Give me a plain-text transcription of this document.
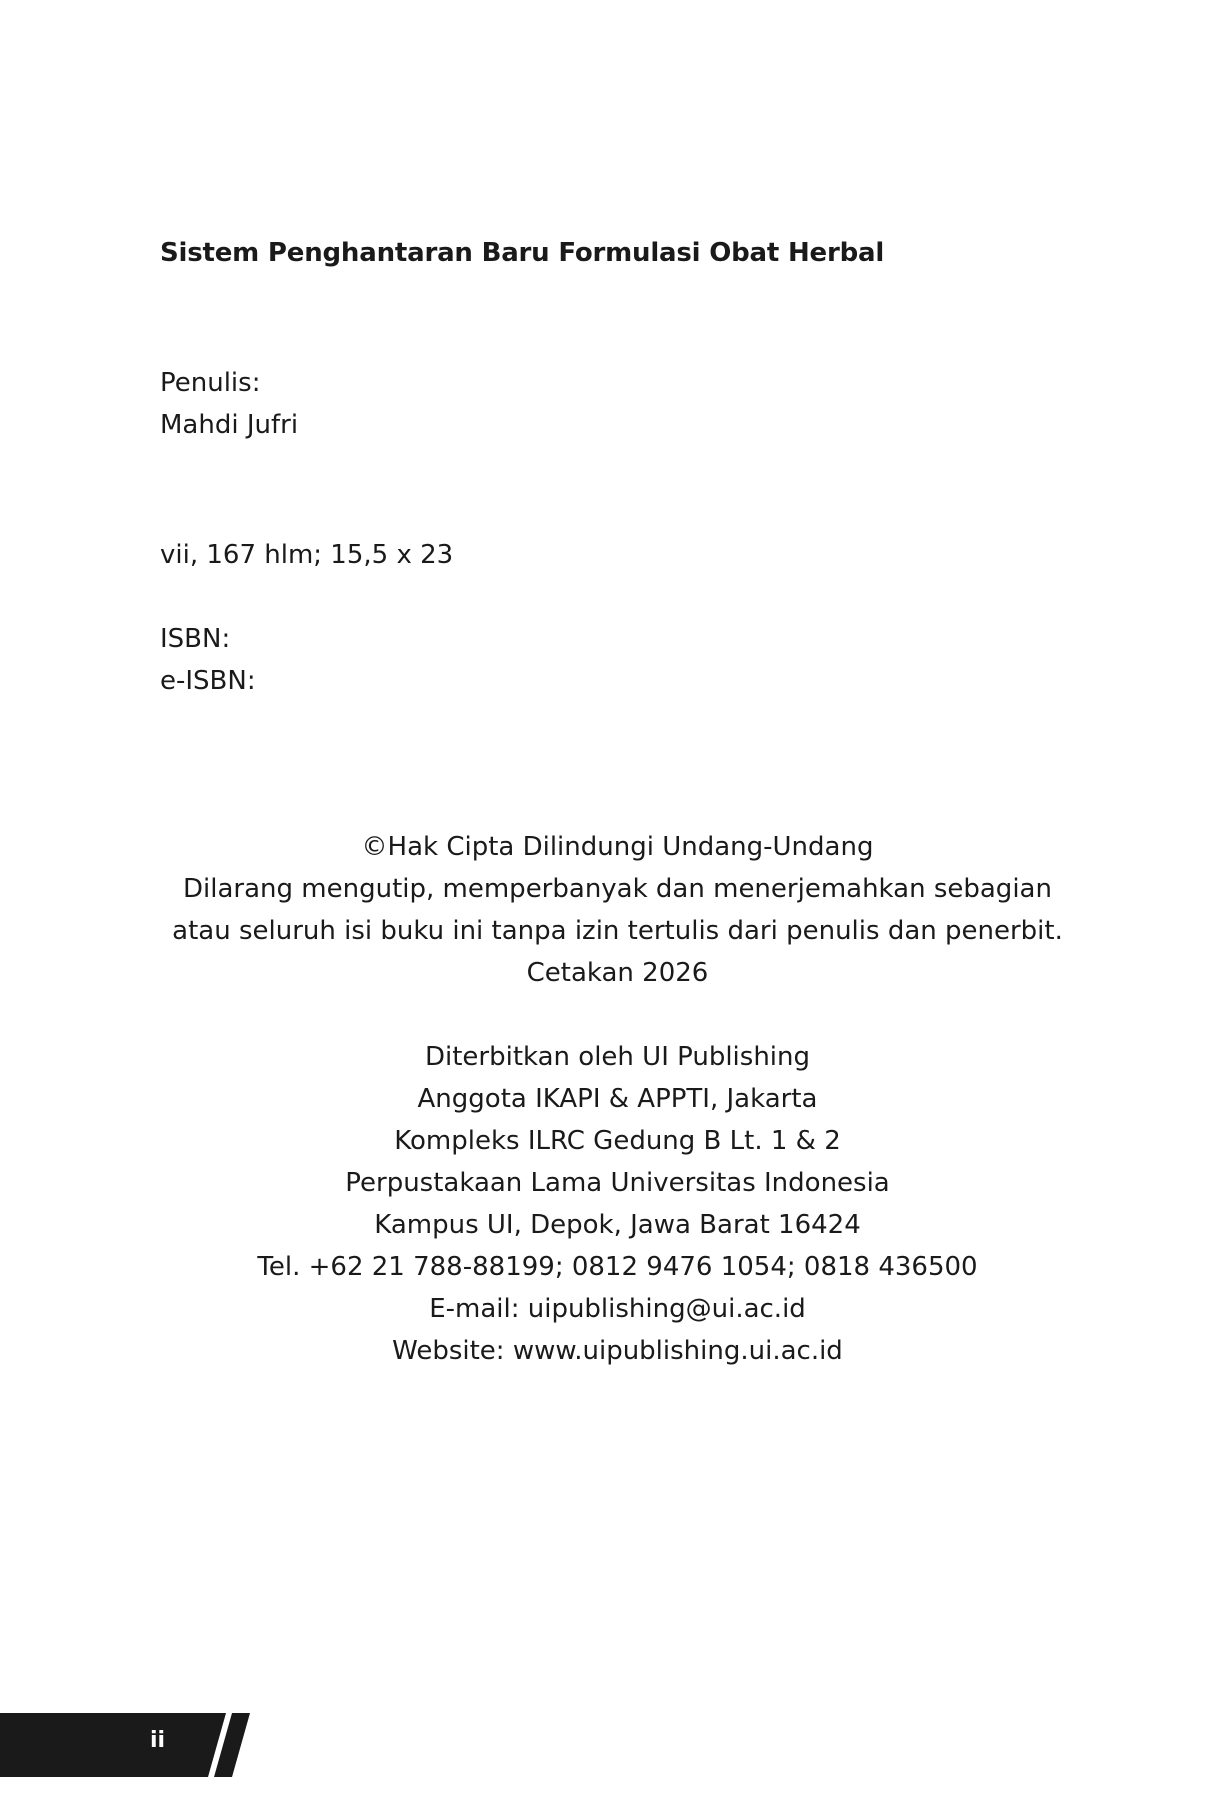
Sistem Penghantaran Baru Formulasi Obat Herbal
Penulis:
Mahdi Jufri
vii, 167 hlm; 15,5 x 23
ISBN:
e-ISBN:
©Hak Cipta Dilindungi Undang-Undang
Dilarang mengutip, memperbanyak dan menerjemahkan sebagian
atau seluruh isi buku ini tanpa izin tertulis dari penulis dan penerbit.
Cetakan 2026
Diterbitkan oleh UI Publishing
Anggota IKAPI & APPTI, Jakarta
Kompleks ILRC Gedung B Lt. 1 & 2
Perpustakaan Lama Universitas Indonesia
Kampus UI, Depok, Jawa Barat 16424
Tel. +62 21 788-88199; 0812 9476 1054; 0818 436500
E-mail: uipublishing@ui.ac.id
Website: www.uipublishing.ui.ac.id
ii
